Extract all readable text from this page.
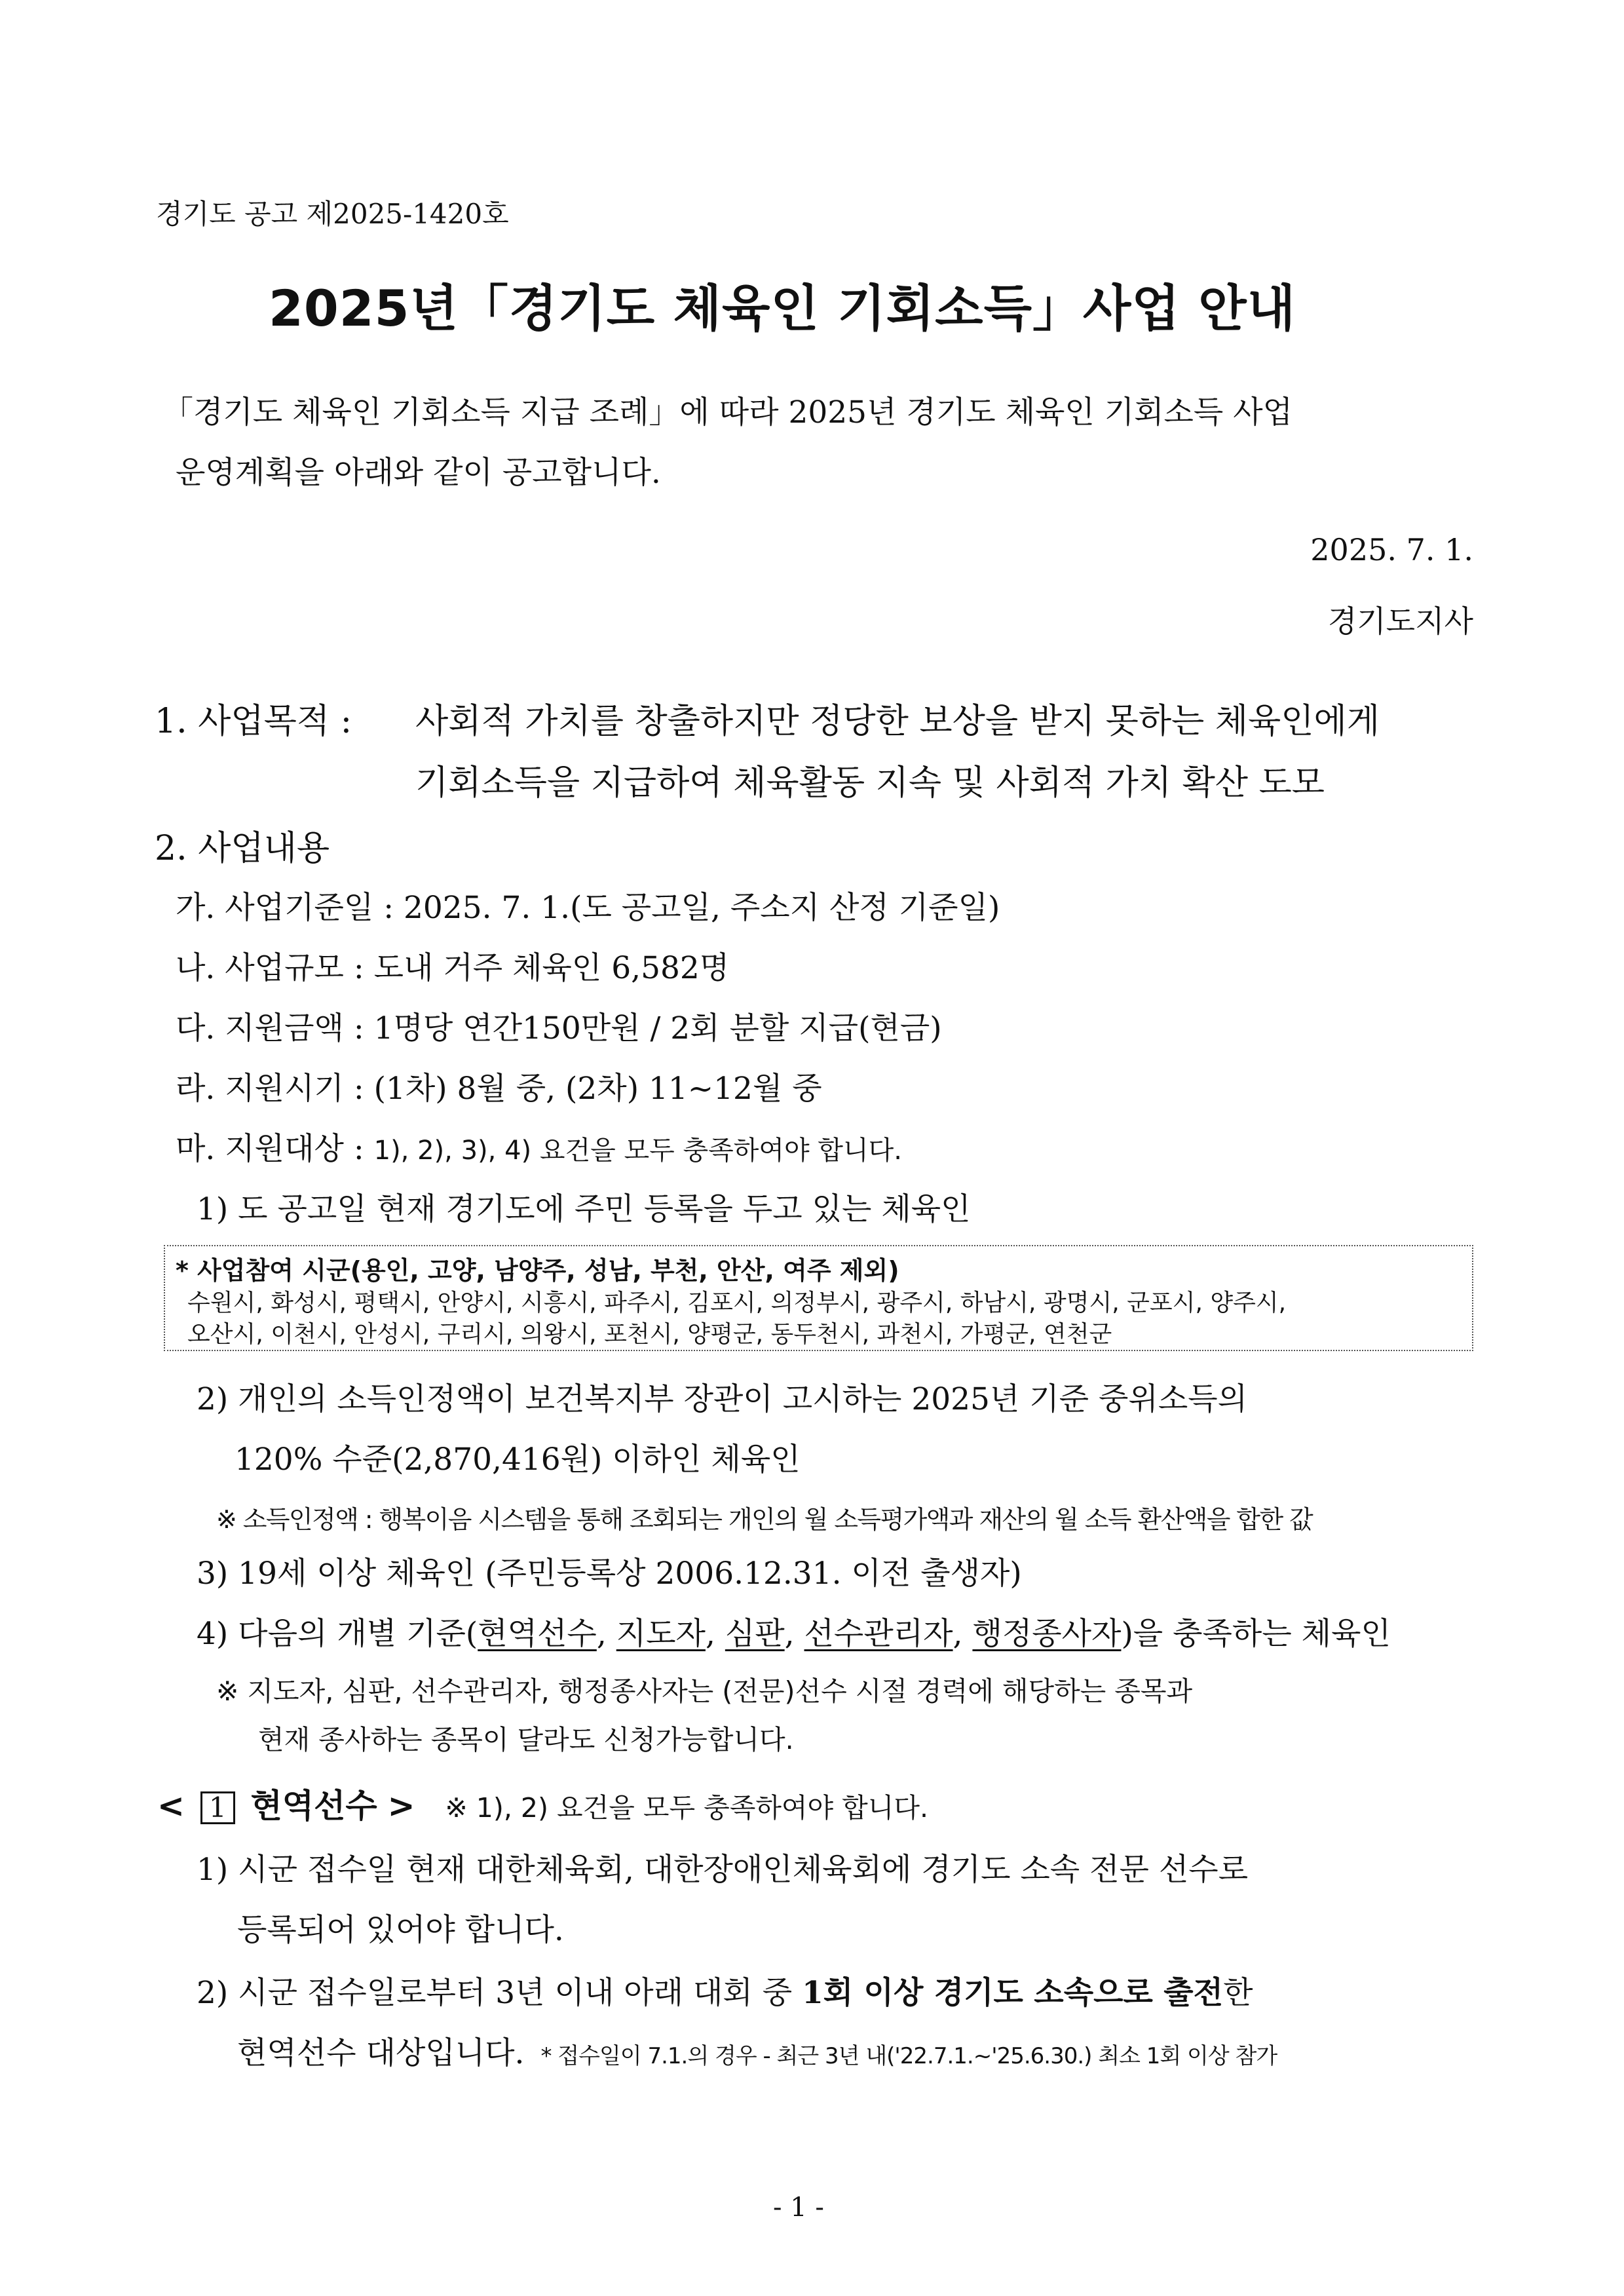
경기도 공고 제2025-1420호
2025년「경기도 체육인 기회소득」사업 안내
「경기도 체육인 기회소득 지급 조례」에 따라 2025년 경기도 체육인 기회소득 사업
운영계획을 아래와 같이 공고합니다.
2025. 7. 1.
경기도지사
1. 사업목적 : 사회적 가치를 창출하지만 정당한 보상을 받지 못하는 체육인에게
기회소득을 지급하여 체육활동 지속 및 사회적 가치 확산 도모
2. 사업내용
가. 사업기준일 : 2025. 7. 1.(도 공고일, 주소지 산정 기준일)
나. 사업규모 : 도내 거주 체육인 6,582명
다. 지원금액 : 1명당 연간150만원 / 2회 분할 지급(현금)
라. 지원시기 : (1차) 8월 중, (2차) 11~12월 중
마. 지원대상 : 1), 2), 3), 4) 요건을 모두 충족하여야 합니다.
1) 도 공고일 현재 경기도에 주민 등록을 두고 있는 체육인
* 사업참여 시군(용인, 고양, 남양주, 성남, 부천, 안산, 여주 제외)
수원시, 화성시, 평택시, 안양시, 시흥시, 파주시, 김포시, 의정부시, 광주시, 하남시, 광명시, 군포시, 양주시,
오산시, 이천시, 안성시, 구리시, 의왕시, 포천시, 양평군, 동두천시, 과천시, 가평군, 연천군
2) 개인의 소득인정액이 보건복지부 장관이 고시하는 2025년 기준 중위소득의
120% 수준(2,870,416원) 이하인 체육인
※ 소득인정액 : 행복이음 시스템을 통해 조회되는 개인의 월 소득평가액과 재산의 월 소득 환산액을 합한 값
3) 19세 이상 체육인 (주민등록상 2006.12.31. 이전 출생자)
4) 다음의 개별 기준(현역선수, 지도자, 심판, 선수관리자, 행정종사자)을 충족하는 체육인
※ 지도자, 심판, 선수관리자, 행정종사자는 (전문)선수 시절 경력에 해당하는 종목과
현재 종사하는 종목이 달라도 신청가능합니다.
< 1 현역선수 > ※ 1), 2) 요건을 모두 충족하여야 합니다.
1) 시군 접수일 현재 대한체육회, 대한장애인체육회에 경기도 소속 전문 선수로
등록되어 있어야 합니다.
2) 시군 접수일로부터 3년 이내 아래 대회 중 1회 이상 경기도 소속으로 출전한
현역선수 대상입니다. * 접수일이 7.1.의 경우 - 최근 3년 내('22.7.1.~'25.6.30.) 최소 1회 이상 참가
- 1 -
